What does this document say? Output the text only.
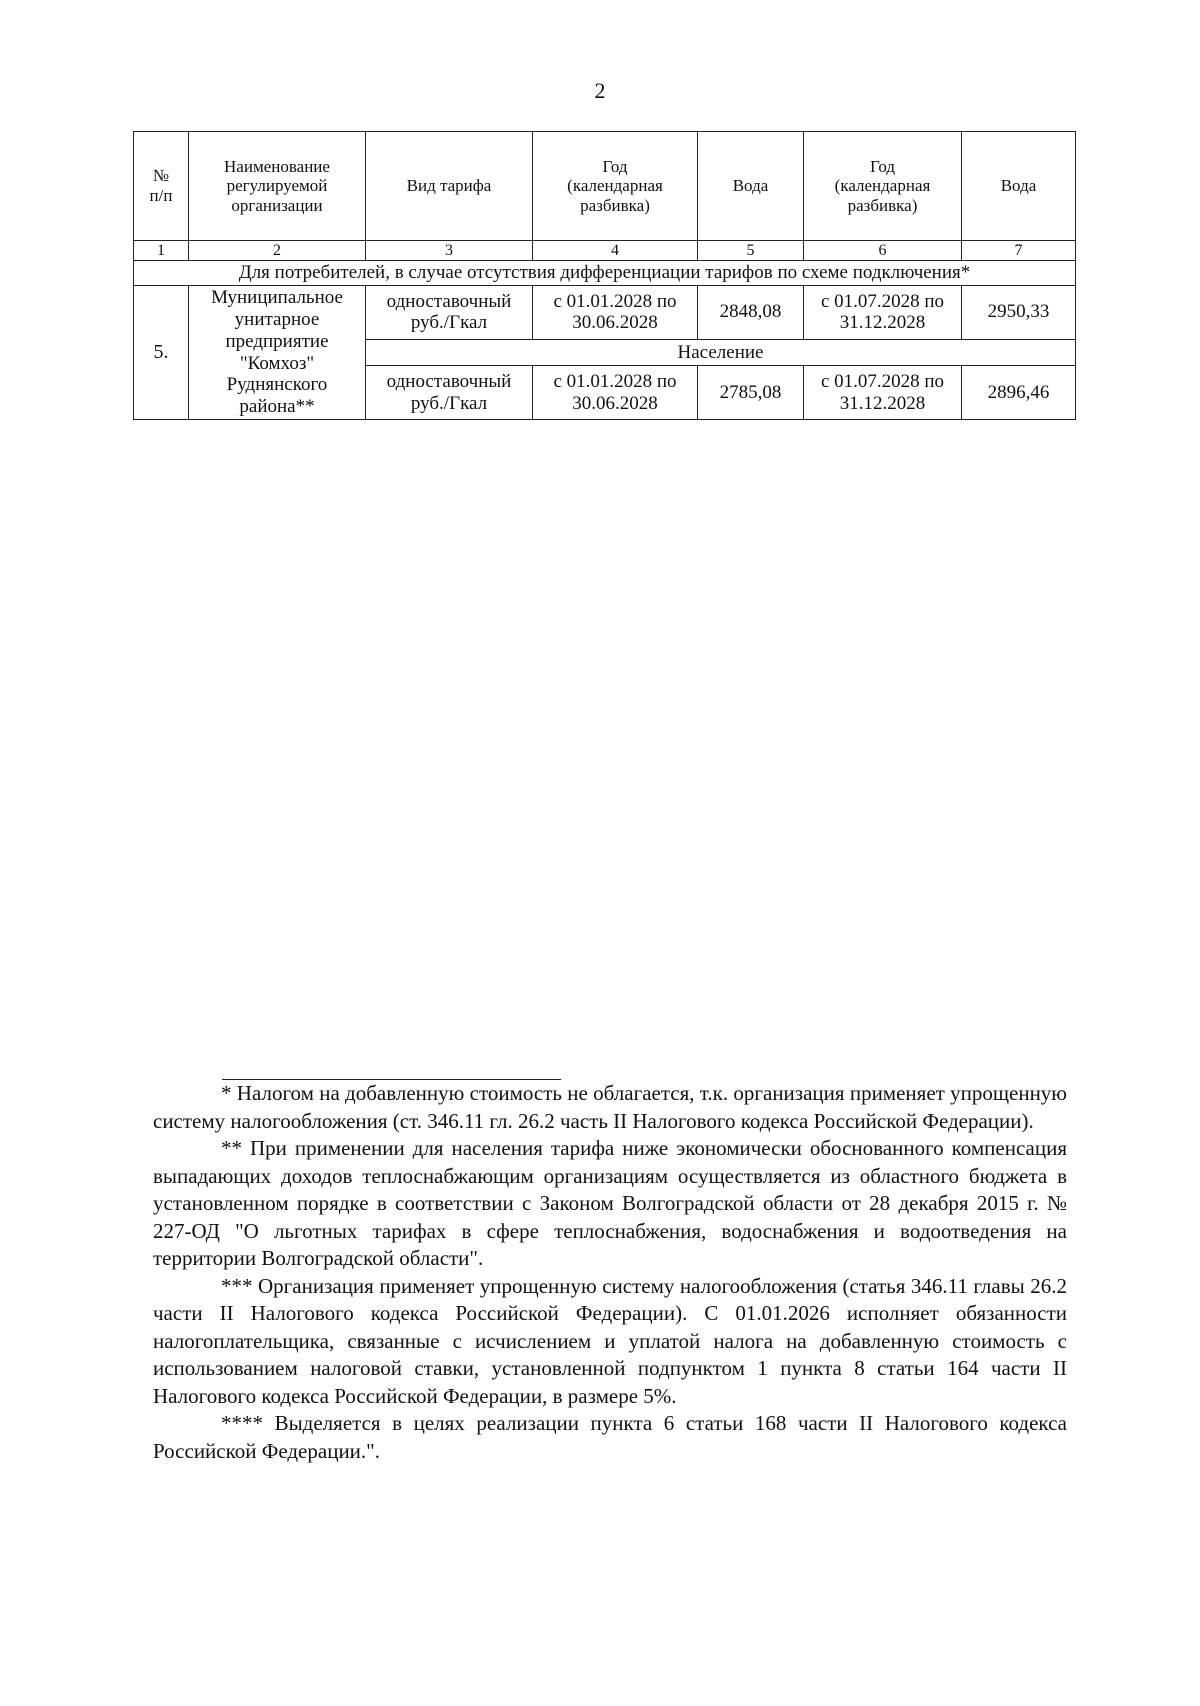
2
№
п/п	Наименование
регулируемой
организации	Вид тарифа	Год
(календарная
разбивка)	Вода	Год
(календарная
разбивка)	Вода
1	2	3	4	5	6	7
Для потребителей, в случае отсутствия дифференциации тарифов по схеме подключения*						
5.	Муниципальное унитарное предприятие "Комхоз" Руднянского района**	одноставочный руб./Гкал	с 01.01.2028 по 30.06.2028	2848,08	с 01.07.2028 по 31.12.2028	2950,33
		Население				
		одноставочный руб./Гкал	с 01.01.2028 по 30.06.2028	2785,08	с 01.07.2028 по 31.12.2028	2896,46

* Налогом на добавленную стоимость не облагается, т.к. организация применяет упрощенную систему налогообложения (ст. 346.11 гл. 26.2 часть II Налогового кодекса Российской Федерации).

** При применении для населения тарифа ниже экономически обоснованного компенсация выпадающих доходов теплоснабжающим организациям осуществляется из областного бюджета в установленном порядке в соответствии с Законом Волгоградской области от 28 декабря 2015 г. № 227-ОД "О льготных тарифах в сфере теплоснабжения, водоснабжения и водоотведения на территории Волгоградской области".

*** Организация применяет упрощенную систему налогообложения (статья 346.11 главы 26.2 части II Налогового кодекса Российской Федерации). С 01.01.2026 исполняет обязанности налогоплательщика, связанные с исчислением и уплатой налога на добавленную стоимость с использованием налоговой ставки, установленной подпунктом 1 пункта 8 статьи 164 части II Налогового кодекса Российской Федерации, в размере 5%.

**** Выделяется в целях реализации пункта 6 статьи 168 части II Налогового кодекса Российской Федерации.".
